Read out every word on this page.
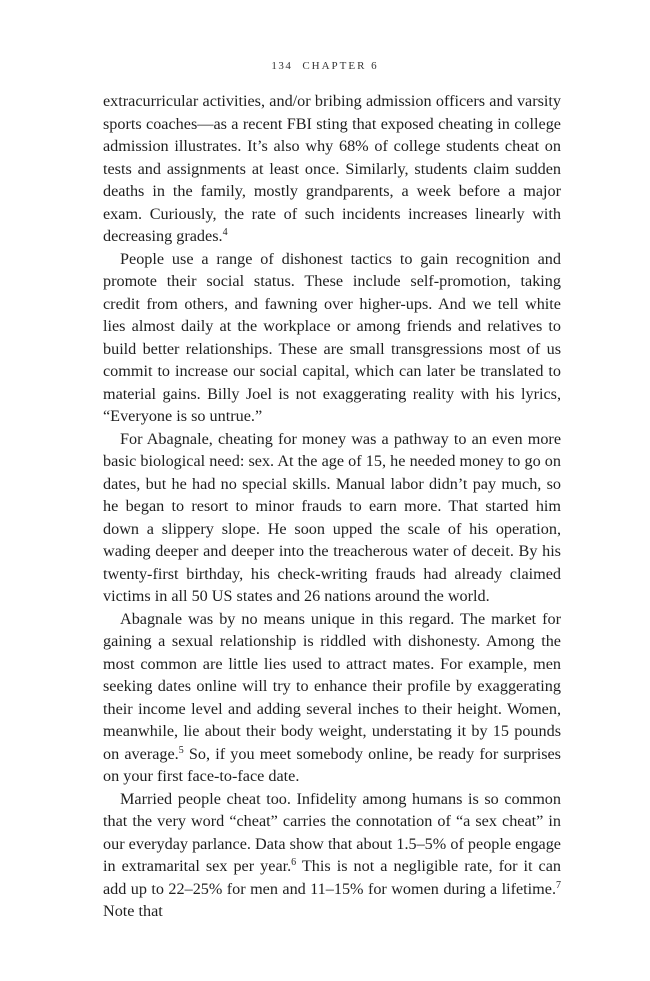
134 CHAPTER 6

extracurricular activities, and/or bribing admission officers and varsity sports coaches—as a recent FBI sting that exposed cheating in college admission illustrates. It’s also why 68% of college students cheat on tests and assignments at least once. Similarly, students claim sudden deaths in the family, mostly grandparents, a week before a major exam. Curiously, the rate of such incidents increases linearly with decreasing grades.$^4$

People use a range of dishonest tactics to gain recognition and promote their social status. These include self-promotion, taking credit from others, and fawning over higher-ups. And we tell white lies almost daily at the workplace or among friends and relatives to build better relationships. These are small transgressions most of us commit to increase our social capital, which can later be translated to material gains. Billy Joel is not exaggerating reality with his lyrics, “Everyone is so untrue.”

For Abagnale, cheating for money was a pathway to an even more basic biological need: sex. At the age of 15, he needed money to go on dates, but he had no special skills. Manual labor didn’t pay much, so he began to resort to minor frauds to earn more. That started him down a slippery slope. He soon upped the scale of his operation, wading deeper and deeper into the treacherous water of deceit. By his twenty-first birthday, his check-writing frauds had already claimed victims in all 50 US states and 26 nations around the world.

Abagnale was by no means unique in this regard. The market for gaining a sexual relationship is riddled with dishonesty. Among the most common are little lies used to attract mates. For example, men seeking dates online will try to enhance their profile by exaggerating their income level and adding several inches to their height. Women, meanwhile, lie about their body weight, understating it by 15 pounds on average.$^5$ So, if you meet somebody online, be ready for surprises on your first face-to-face date.

Married people cheat too. Infidelity among humans is so common that the very word “cheat” carries the connotation of “a sex cheat” in our everyday parlance. Data show that about 1.5–5% of people engage in extramarital sex per year.$^6$ This is not a negligible rate, for it can add up to 22–25% for men and 11–15% for women during a lifetime.$^7$ Note that
